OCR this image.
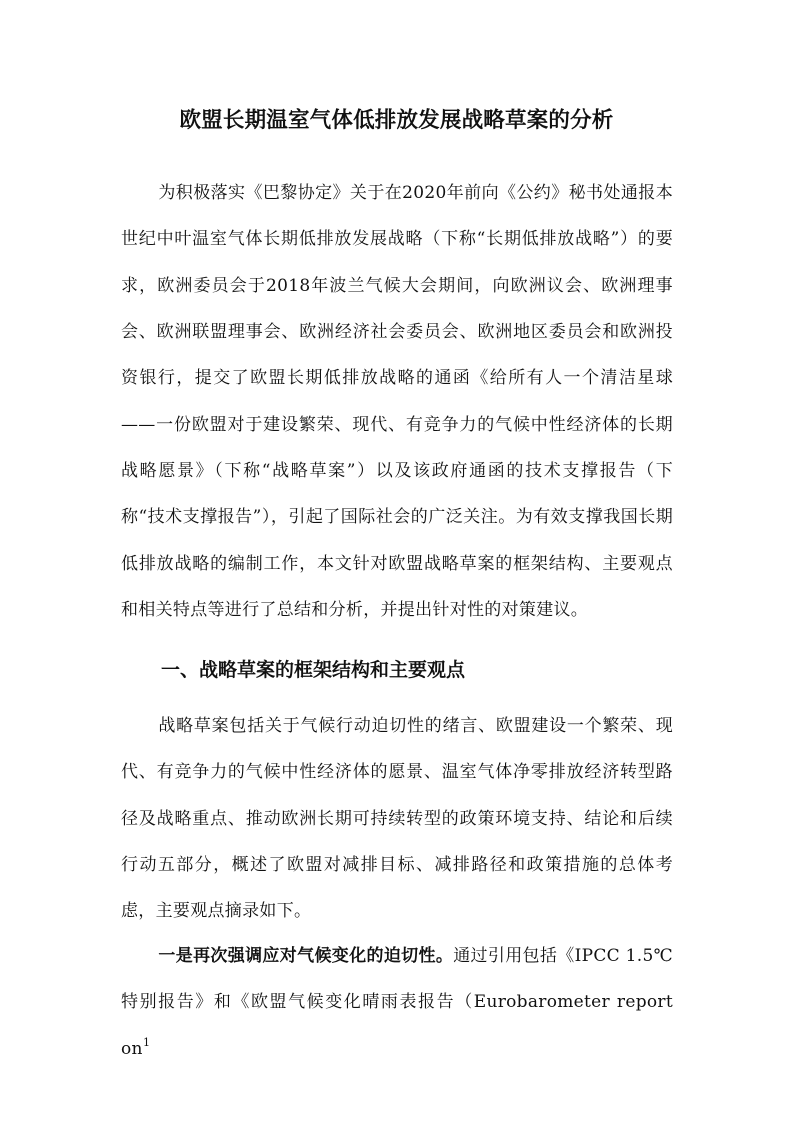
欧盟长期温室气体低排放发展战略草案的分析

为积极落实《巴黎协定》关于在2020年前向《公约》秘书处通报本世纪中叶温室气体长期低排放发展战略（下称“长期低排放战略”）的要求，欧洲委员会于2018年波兰气候大会期间，向欧洲议会、欧洲理事会、欧洲联盟理事会、欧洲经济社会委员会、欧洲地区委员会和欧洲投资银行，提交了欧盟长期低排放战略的通函《给所有人一个清洁星球——一份欧盟对于建设繁荣、现代、有竞争力的气候中性经济体的长期战略愿景》（下称“战略草案”）以及该政府通函的技术支撑报告（下称“技术支撑报告”），引起了国际社会的广泛关注。为有效支撑我国长期低排放战略的编制工作，本文针对欧盟战略草案的框架结构、主要观点和相关特点等进行了总结和分析，并提出针对性的对策建议。

一、战略草案的框架结构和主要观点

战略草案包括关于气候行动迫切性的绪言、欧盟建设一个繁荣、现代、有竞争力的气候中性经济体的愿景、温室气体净零排放经济转型路径及战略重点、推动欧洲长期可持续转型的政策环境支持、结论和后续行动五部分，概述了欧盟对减排目标、减排路径和政策措施的总体考虑，主要观点摘录如下。

一是再次强调应对气候变化的迫切性。通过引用包括《IPCC 1.5℃特别报告》和《欧盟气候变化晴雨表报告（Eurobarometer report on 1
